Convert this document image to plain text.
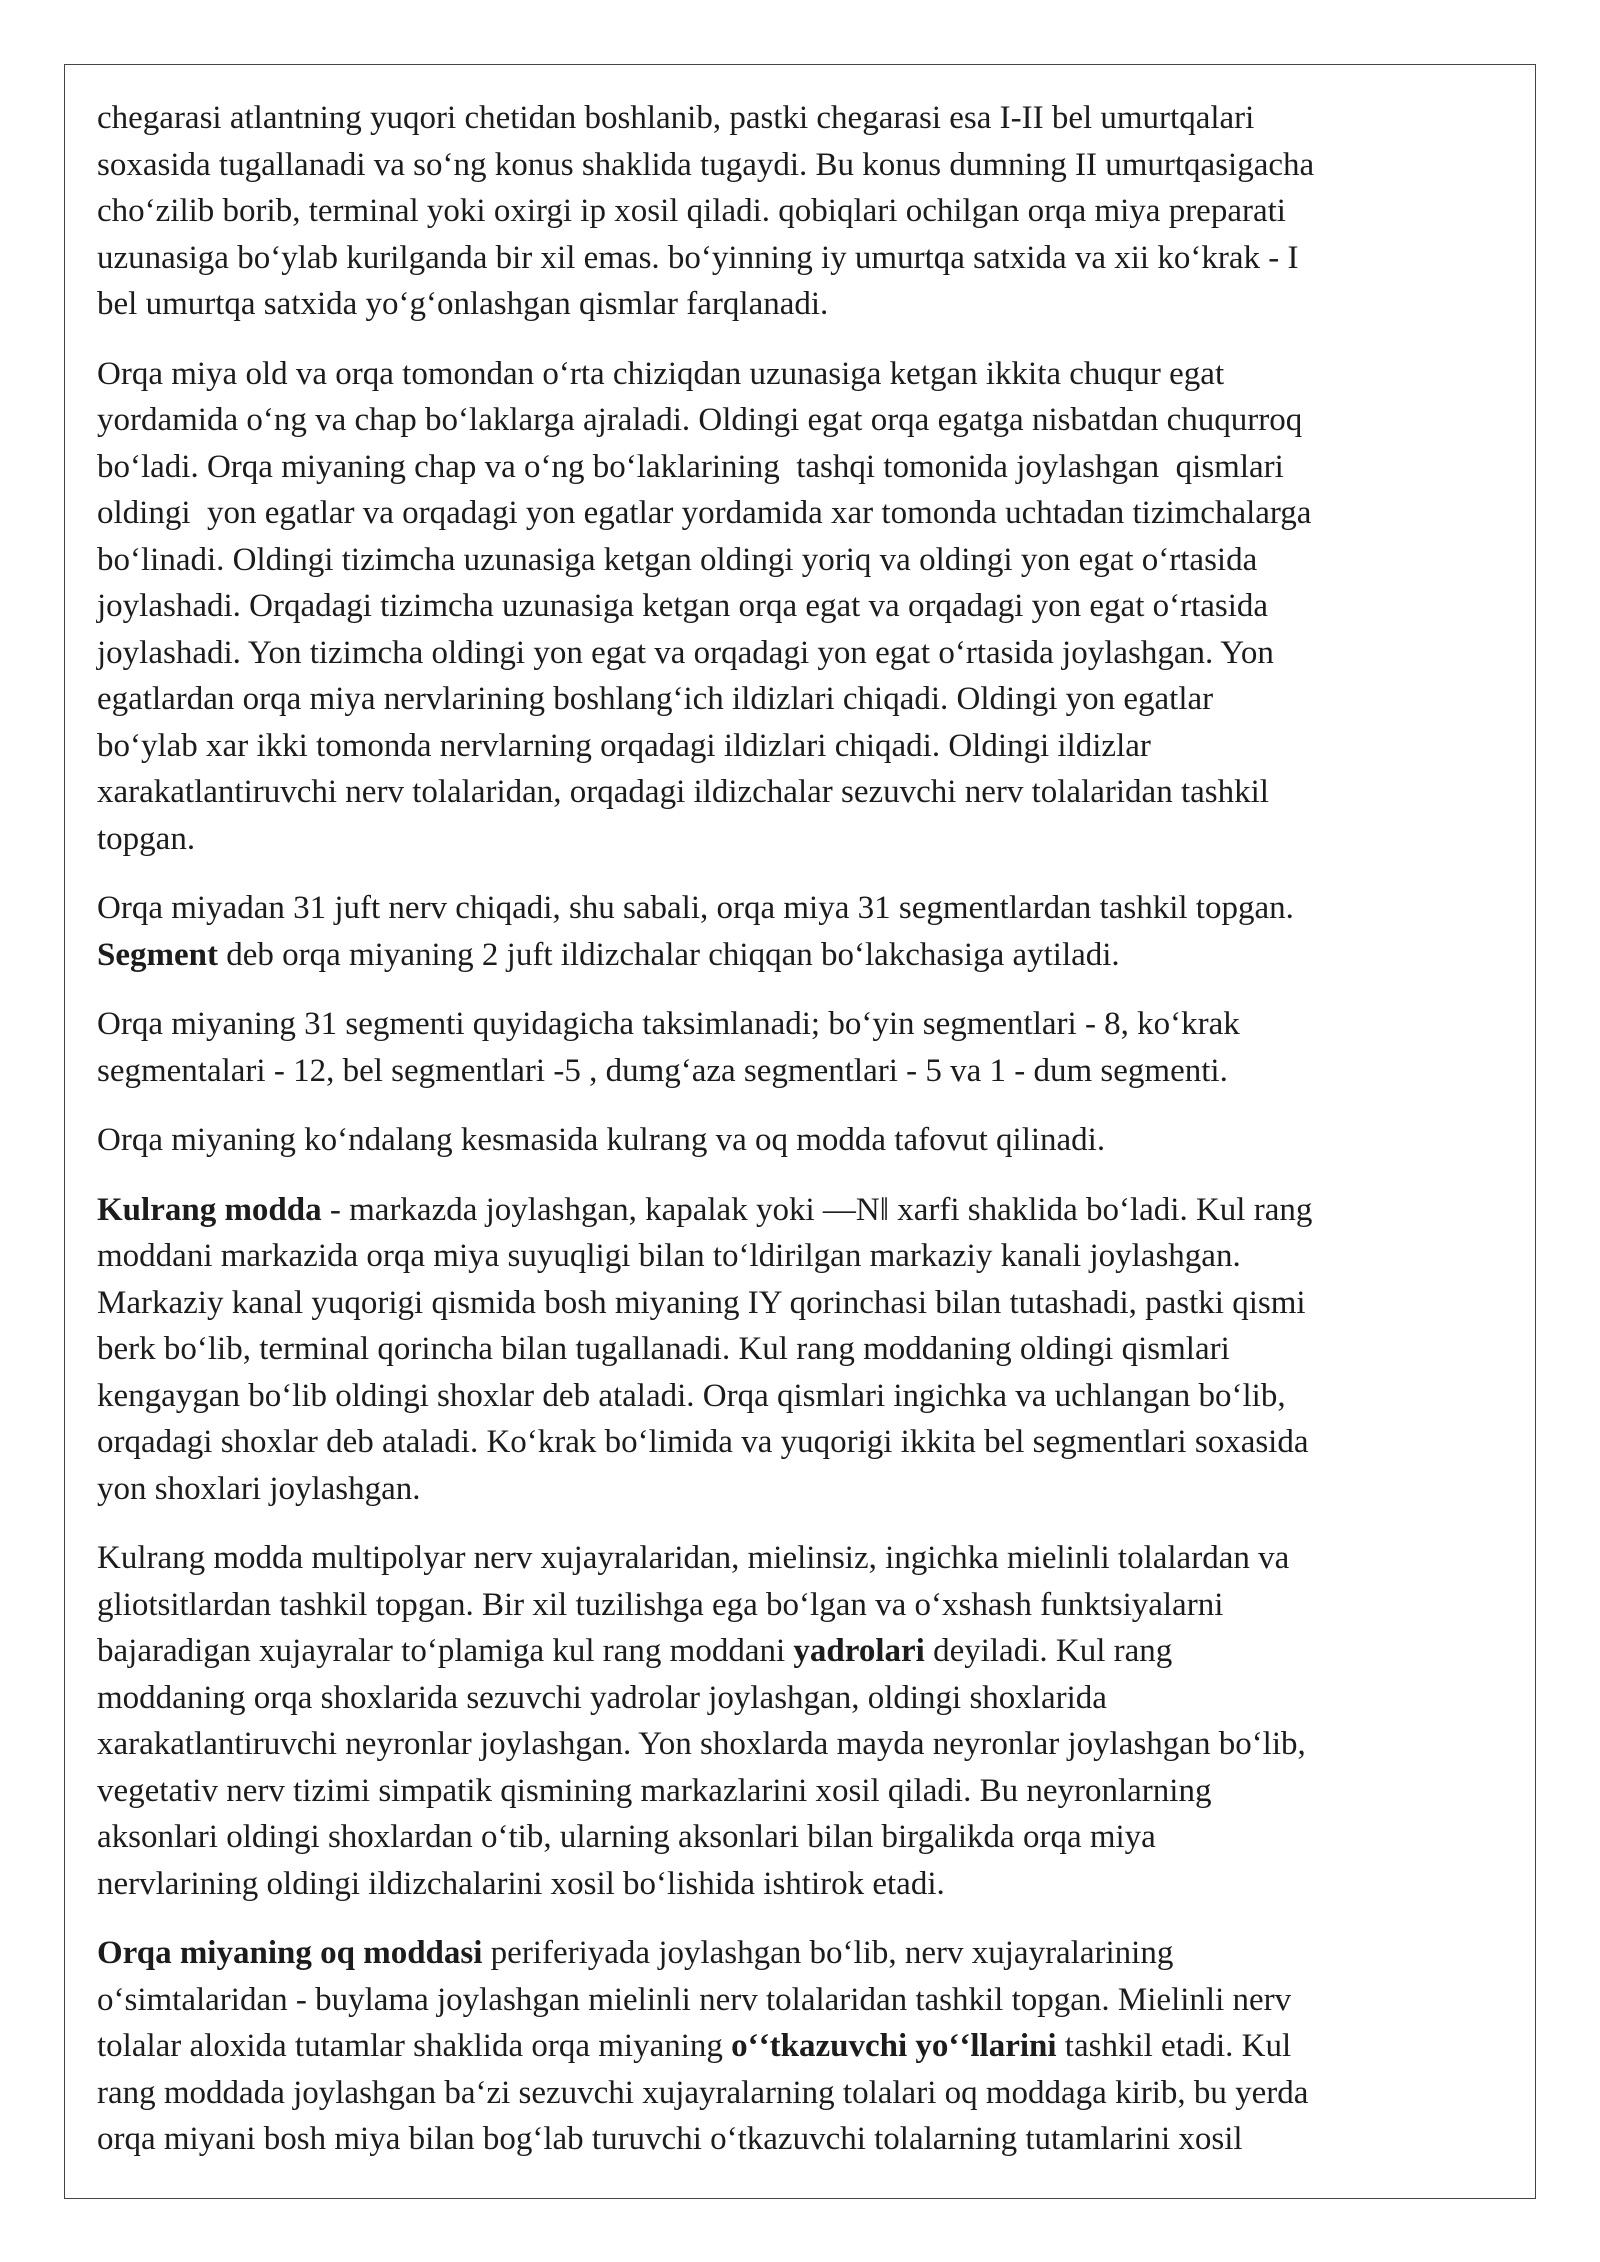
chegarasi atlantning yuqori chetidan boshlanib, pastki chegarasi esa I-II bel umurtqalari
soxasida tugallanadi va soʻng konus shaklida tugaydi. Bu konus dumning II umurtqasigacha
choʻzilib borib, terminal yoki oxirgi ip xosil qiladi. qobiqlari ochilgan orqa miya preparati
uzunasiga boʻylab kurilganda bir xil emas. boʻyinning iy umurtqa satxida va xii koʻkrak - I
bel umurtqa satxida yoʻgʻonlashgan qismlar farqlanadi.

Orqa miya old va orqa tomondan oʻrta chiziqdan uzunasiga ketgan ikkita chuqur egat
yordamida oʻng va chap boʻlaklarga ajraladi. Oldingi egat orqa egatga nisbatdan chuqurroq
boʻladi. Orqa miyaning chap va oʻng boʻlaklarining  tashqi tomonida joylashgan  qismlari
oldingi  yon egatlar va orqadagi yon egatlar yordamida xar tomonda uchtadan tizimchalarga
boʻlinadi. Oldingi tizimcha uzunasiga ketgan oldingi yoriq va oldingi yon egat oʻrtasida
joylashadi. Orqadagi tizimcha uzunasiga ketgan orqa egat va orqadagi yon egat oʻrtasida
joylashadi. Yon tizimcha oldingi yon egat va orqadagi yon egat oʻrtasida joylashgan. Yon
egatlardan orqa miya nervlarining boshlangʻich ildizlari chiqadi. Oldingi yon egatlar
boʻylab xar ikki tomonda nervlarning orqadagi ildizlari chiqadi. Oldingi ildizlar
xarakatlantiruvchi nerv tolalaridan, orqadagi ildizchalar sezuvchi nerv tolalaridan tashkil
topgan.

Orqa miyadan 31 juft nerv chiqadi, shu sabali, orqa miya 31 segmentlardan tashkil topgan.
Segment deb orqa miyaning 2 juft ildizchalar chiqqan boʻlakchasiga aytiladi.

Orqa miyaning 31 segmenti quyidagicha taksimlanadi; boʻyin segmentlari - 8, koʻkrak
segmentalari - 12, bel segmentlari -5 , dumgʻaza segmentlari - 5 va 1 - dum segmenti.

Orqa miyaning koʻndalang kesmasida kulrang va oq modda tafovut qilinadi.

Kulrang modda - markazda joylashgan, kapalak yoki ―N‖ xarfi shaklida boʻladi. Kul rang
moddani markazida orqa miya suyuqligi bilan toʻldirilgan markaziy kanali joylashgan.
Markaziy kanal yuqorigi qismida bosh miyaning IY qorinchasi bilan tutashadi, pastki qismi
berk boʻlib, terminal qorincha bilan tugallanadi. Kul rang moddaning oldingi qismlari
kengaygan boʻlib oldingi shoxlar deb ataladi. Orqa qismlari ingichka va uchlangan boʻlib,
orqadagi shoxlar deb ataladi. Koʻkrak boʻlimida va yuqorigi ikkita bel segmentlari soxasida
yon shoxlari joylashgan.

Kulrang modda multipolyar nerv xujayralaridan, mielinsiz, ingichka mielinli tolalardan va
gliotsitlardan tashkil topgan. Bir xil tuzilishga ega boʻlgan va oʻxshash funktsiyalarni
bajaradigan xujayralar toʻplamiga kul rang moddani yadrolari deyiladi. Kul rang
moddaning orqa shoxlarida sezuvchi yadrolar joylashgan, oldingi shoxlarida
xarakatlantiruvchi neyronlar joylashgan. Yon shoxlarda mayda neyronlar joylashgan boʻlib,
vegetativ nerv tizimi simpatik qismining markazlarini xosil qiladi. Bu neyronlarning
aksonlari oldingi shoxlardan oʻtib, ularning aksonlari bilan birgalikda orqa miya
nervlarining oldingi ildizchalarini xosil boʻlishida ishtirok etadi.

Orqa miyaning oq moddasi periferiyada joylashgan boʻlib, nerv xujayralarining
oʻsimtalaridan - buylama joylashgan mielinli nerv tolalaridan tashkil topgan. Mielinli nerv
tolalar aloxida tutamlar shaklida orqa miyaning oʻʻtkazuvchi yoʻʻllarini tashkil etadi. Kul
rang moddada joylashgan baʻzi sezuvchi xujayralarning tolalari oq moddaga kirib, bu yerda
orqa miyani bosh miya bilan bogʻlab turuvchi oʻtkazuvchi tolalarning tutamlarini xosil
